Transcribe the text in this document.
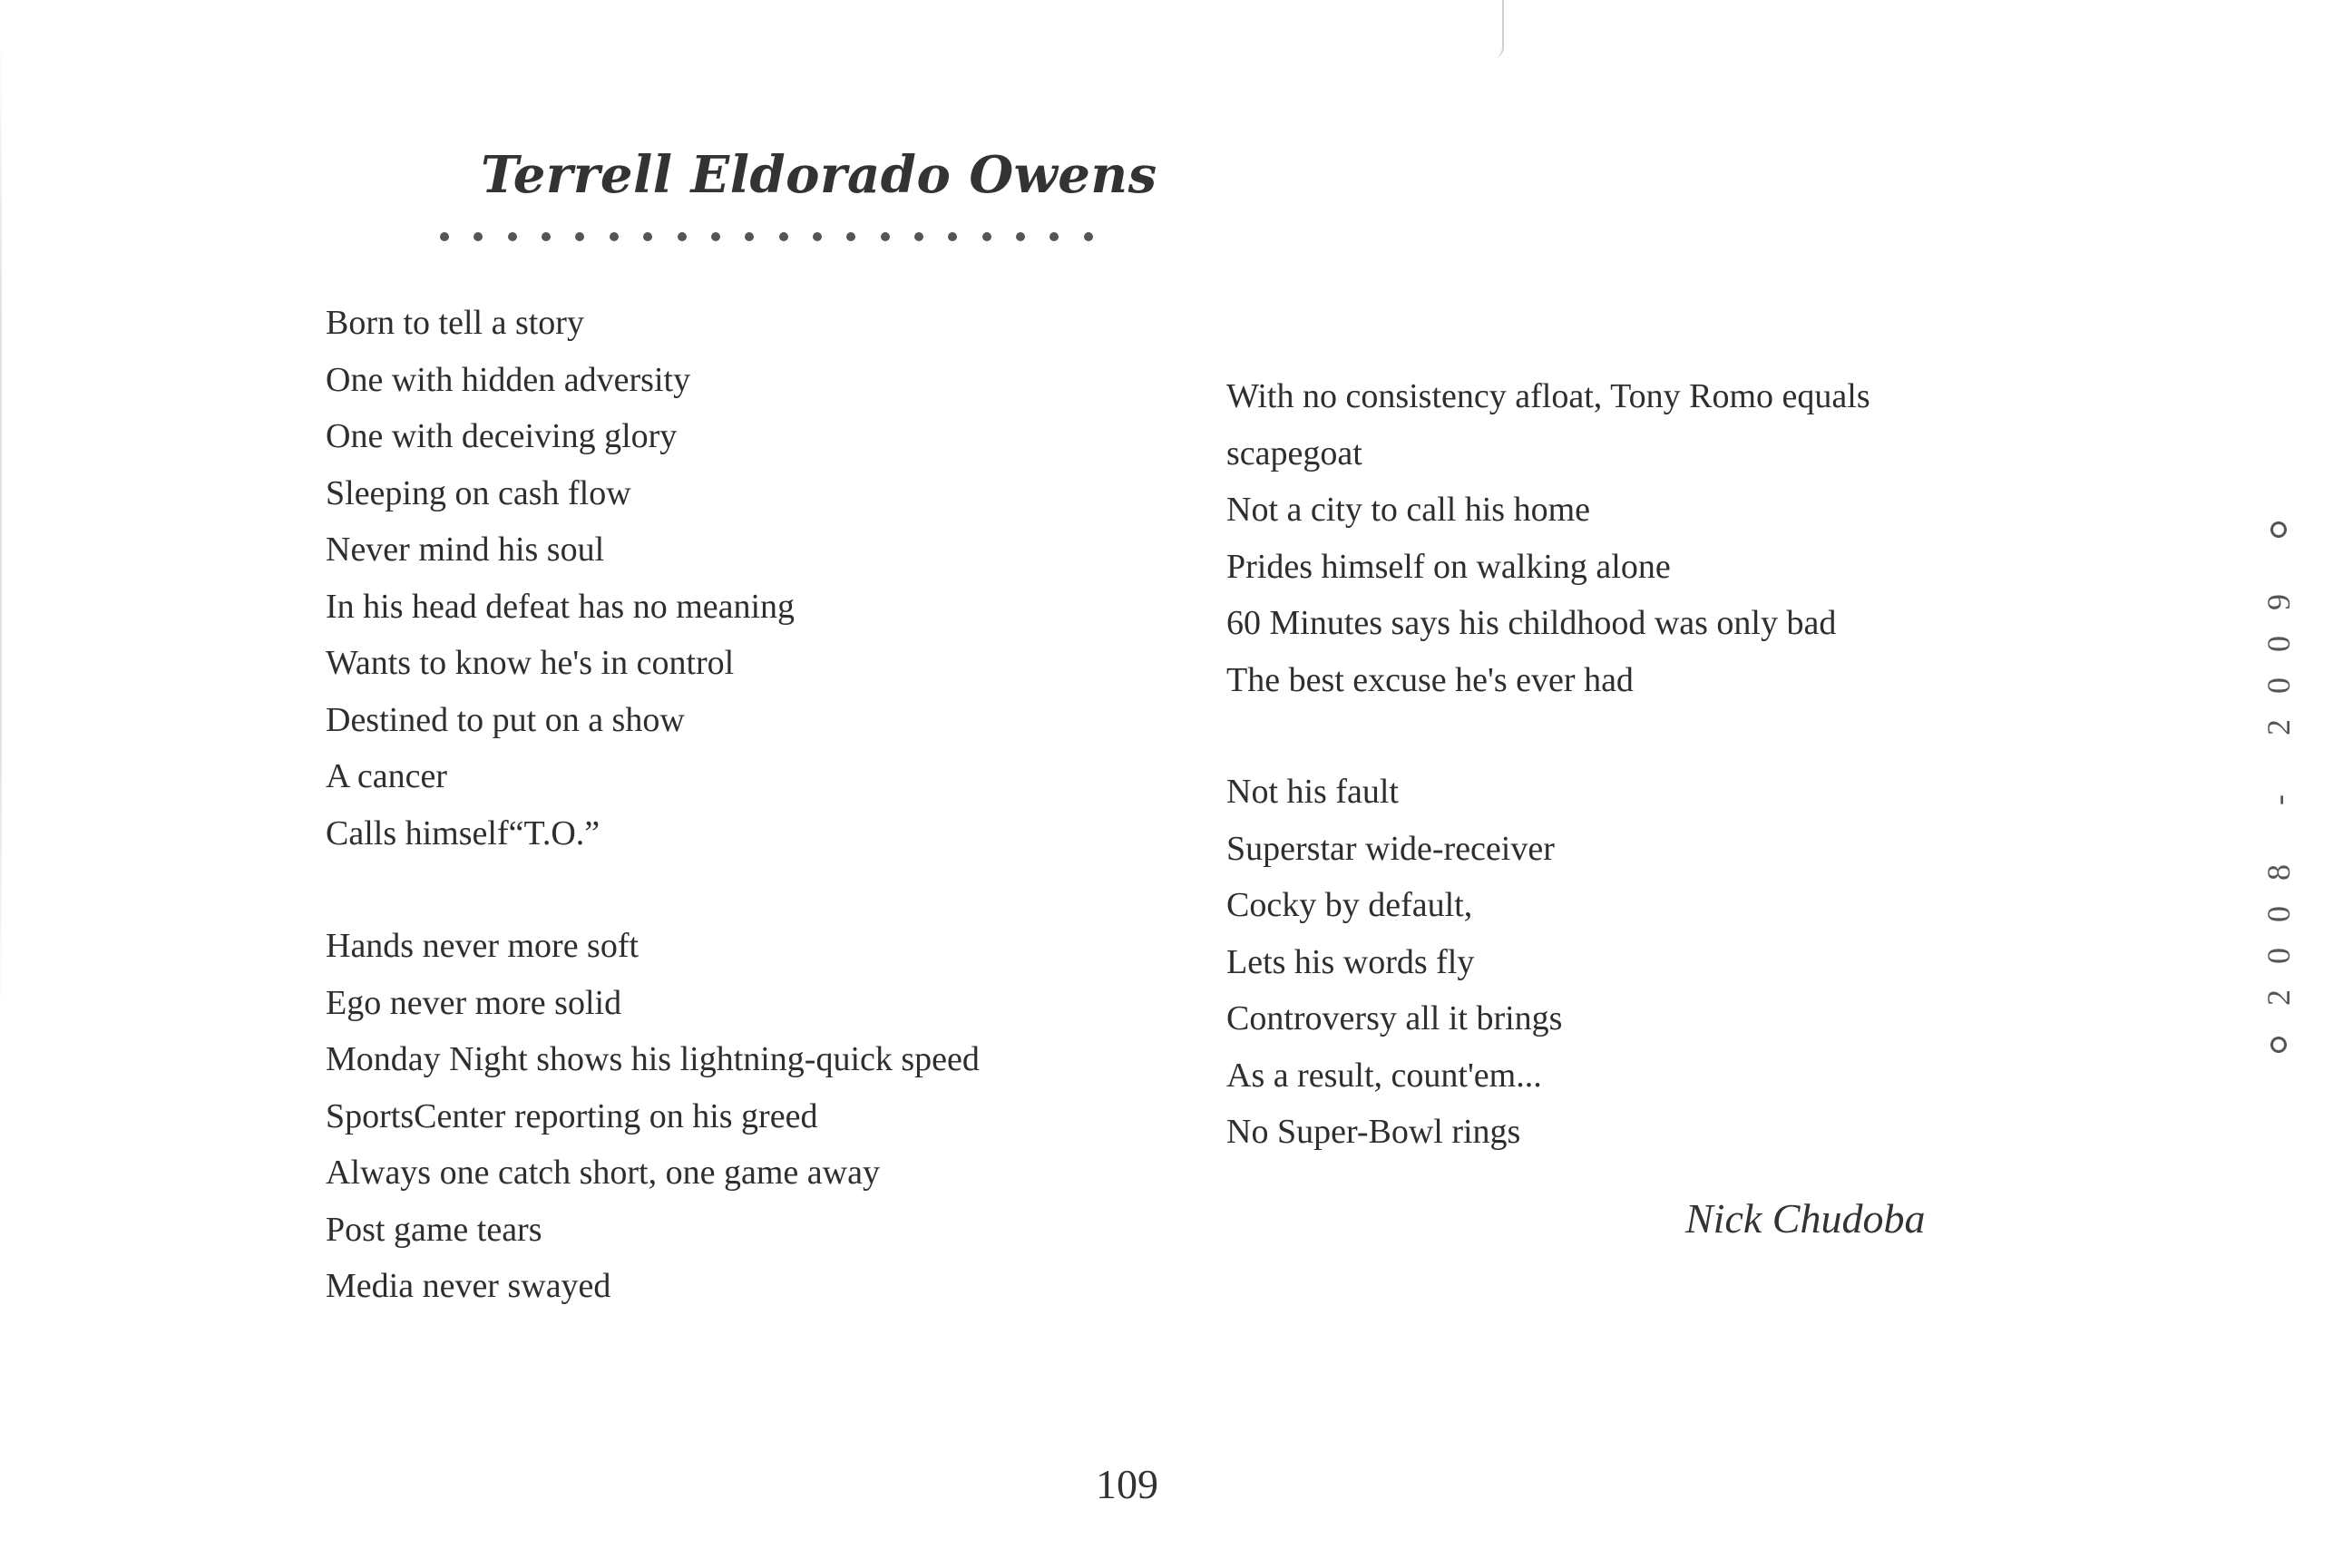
Terrell Eldorado Owens
Born to tell a story
One with hidden adversity
One with deceiving glory
Sleeping on cash flow
Never mind his soul
In his head defeat has no meaning
Wants to know he's in control
Destined to put on a show
A cancer
Calls himself“T.O.”
Hands never more soft
Ego never more solid
Monday Night shows his lightning-quick speed
SportsCenter reporting on his greed
Always one catch short, one game away
Post game tears
Media never swayed
With no consistency afloat, Tony Romo equals
scapegoat
Not a city to call his home
Prides himself on walking alone
60 Minutes says his childhood was only bad
The best excuse he's ever had
Not his fault
Superstar wide-receiver
Cocky by default,
Lets his words fly
Controversy all it brings
As a result, count'em...
No Super-Bowl rings

Nick Chudoba

109

2008 - 2009
